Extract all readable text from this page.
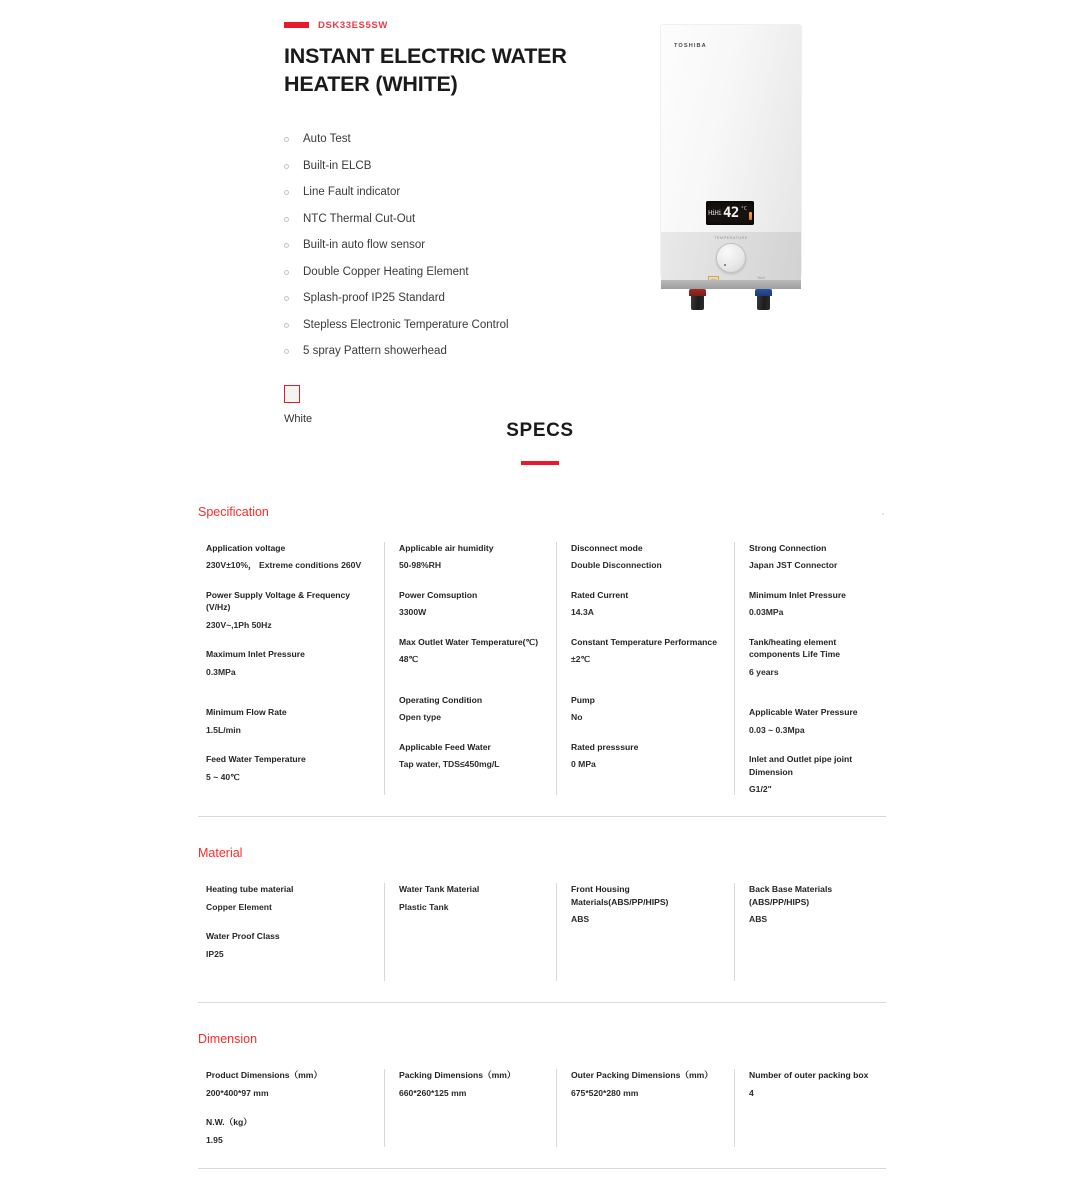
DSK33ES5SW
INSTANT ELECTRIC WATER HEATER (WHITE)
Auto Test
Built-in ELCB
Line Fault indicator
NTC Thermal Cut-Out
Built-in auto flow sensor
Double Copper Heating Element
Splash-proof IP25 Standard
Stepless Electronic Temperature Control
5 spray Pattern showerhead
White
TOSHIBA
HiHi 42 °C
TEMPERATURE
MAX
SPECS
Specification
Application voltage
230V±10%， Extreme conditions 260V
Power Supply Voltage & Frequency (V/Hz)
230V~,1Ph 50Hz
Maximum Inlet Pressure
0.3MPa
Minimum Flow Rate
1.5L/min
Feed Water Temperature
5 ~ 40℃
Applicable air humidity
50-98%RH
Power Comsuption
3300W
Max Outlet Water Temperature(℃)
48℃
Operating Condition
Open type
Applicable Feed Water
Tap water, TDS≤450mg/L
Disconnect mode
Double Disconnection
Rated Current
14.3A
Constant Temperature Performance
±2℃
Pump
No
Rated presssure
0 MPa
Strong Connection
Japan JST Connector
Minimum Inlet Pressure
0.03MPa
Tank/heating element components Life Time
6 years
Applicable Water Pressure
0.03 ~ 0.3Mpa
Inlet and Outlet pipe joint Dimension
G1/2"
Material
Heating tube material
Copper Element
Water Proof Class
IP25
Water Tank Material
Plastic Tank
Front Housing Materials(ABS/PP/HIPS)
ABS
Back Base Materials (ABS/PP/HIPS)
ABS
Dimension
Product Dimensions（mm）
200*400*97 mm
N.W.（kg）
1.95
Packing Dimensions（mm）
660*260*125 mm
Outer Packing Dimensions（mm）
675*520*280 mm
Number of outer packing box
4
